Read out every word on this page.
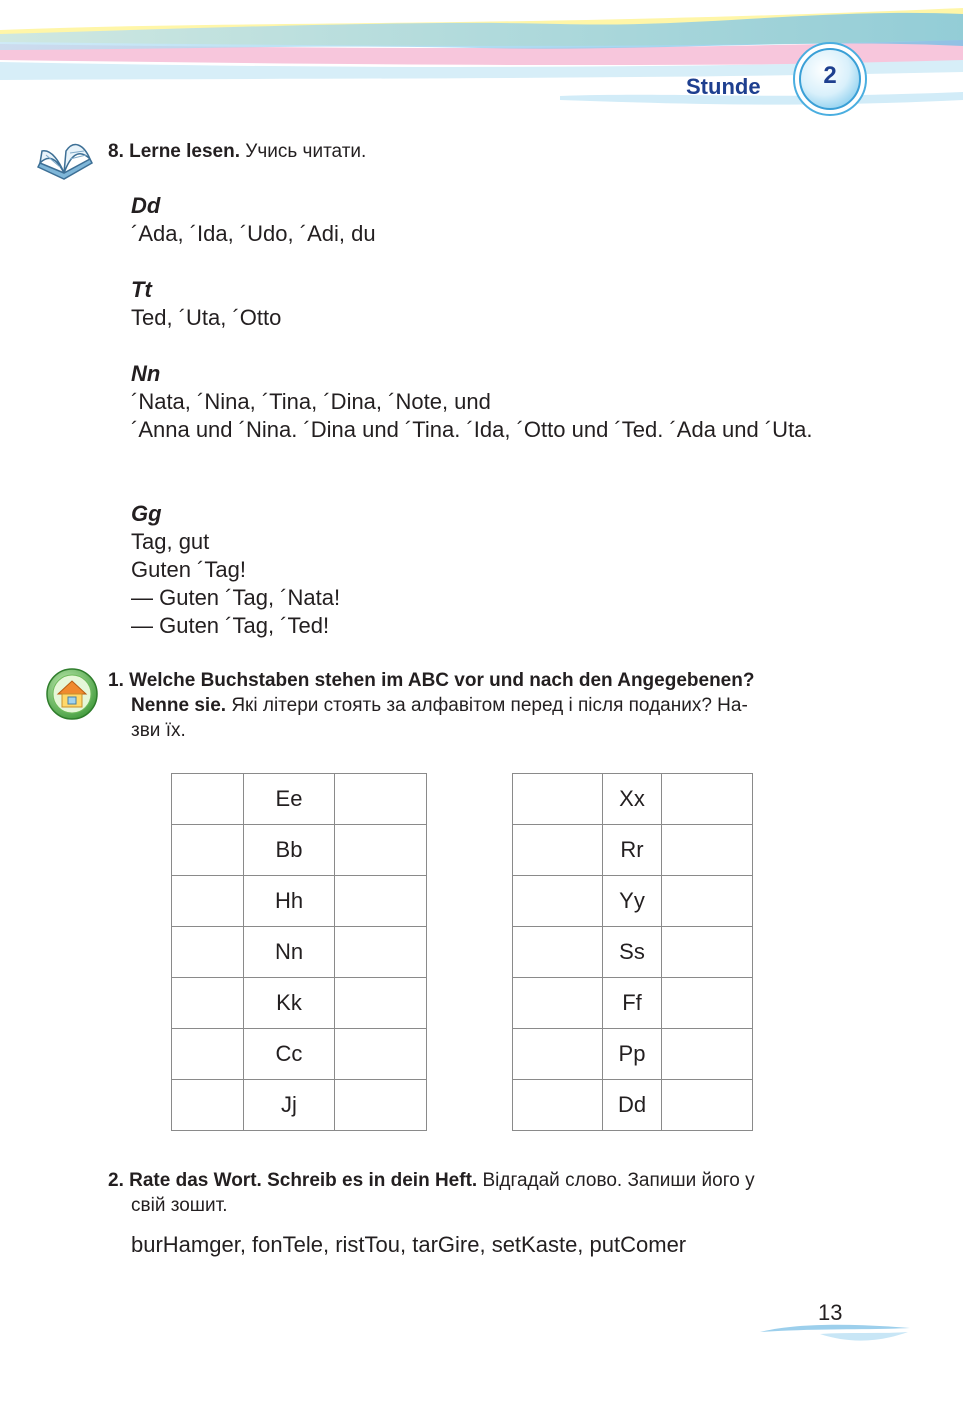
Stunde	2
8. Lerne lesen. Учись читати.
Dd
´Ada, ´Ida, ´Udo, ´Adi, du
Tt
Ted, ´Uta, ´Otto
Nn
´Nata, ´Nina, ´Tina, ´Dina, ´Note, und
´Anna und ´Nina. ´Dina und ´Tina. ´Ida, ´Otto und ´Ted. ´Ada und ´Uta.
Gg
Tag, gut
Guten ´Tag!
— Guten ´Tag, ´Nata!
— Guten ´Tag, ´Ted!
1. Welche Buchstaben stehen im ABC vor und nach den Angegebenen?
Nenne sie. Які літери стоять за алфавітом перед і після поданих? На-
зви їх.
	Ee	
	Bb	
	Hh	
	Nn	
	Kk	
	Cc	
	Jj	
	Xx	
	Rr	
	Yy	
	Ss	
	Ff	
	Pp	
	Dd	
2. Rate das Wort. Schreib es in dein Heft. Відгадай слово. Запиши його у
свій зошит.
burHamger, fonTele, ristTou, tarGire, setKaste, putComer
13
